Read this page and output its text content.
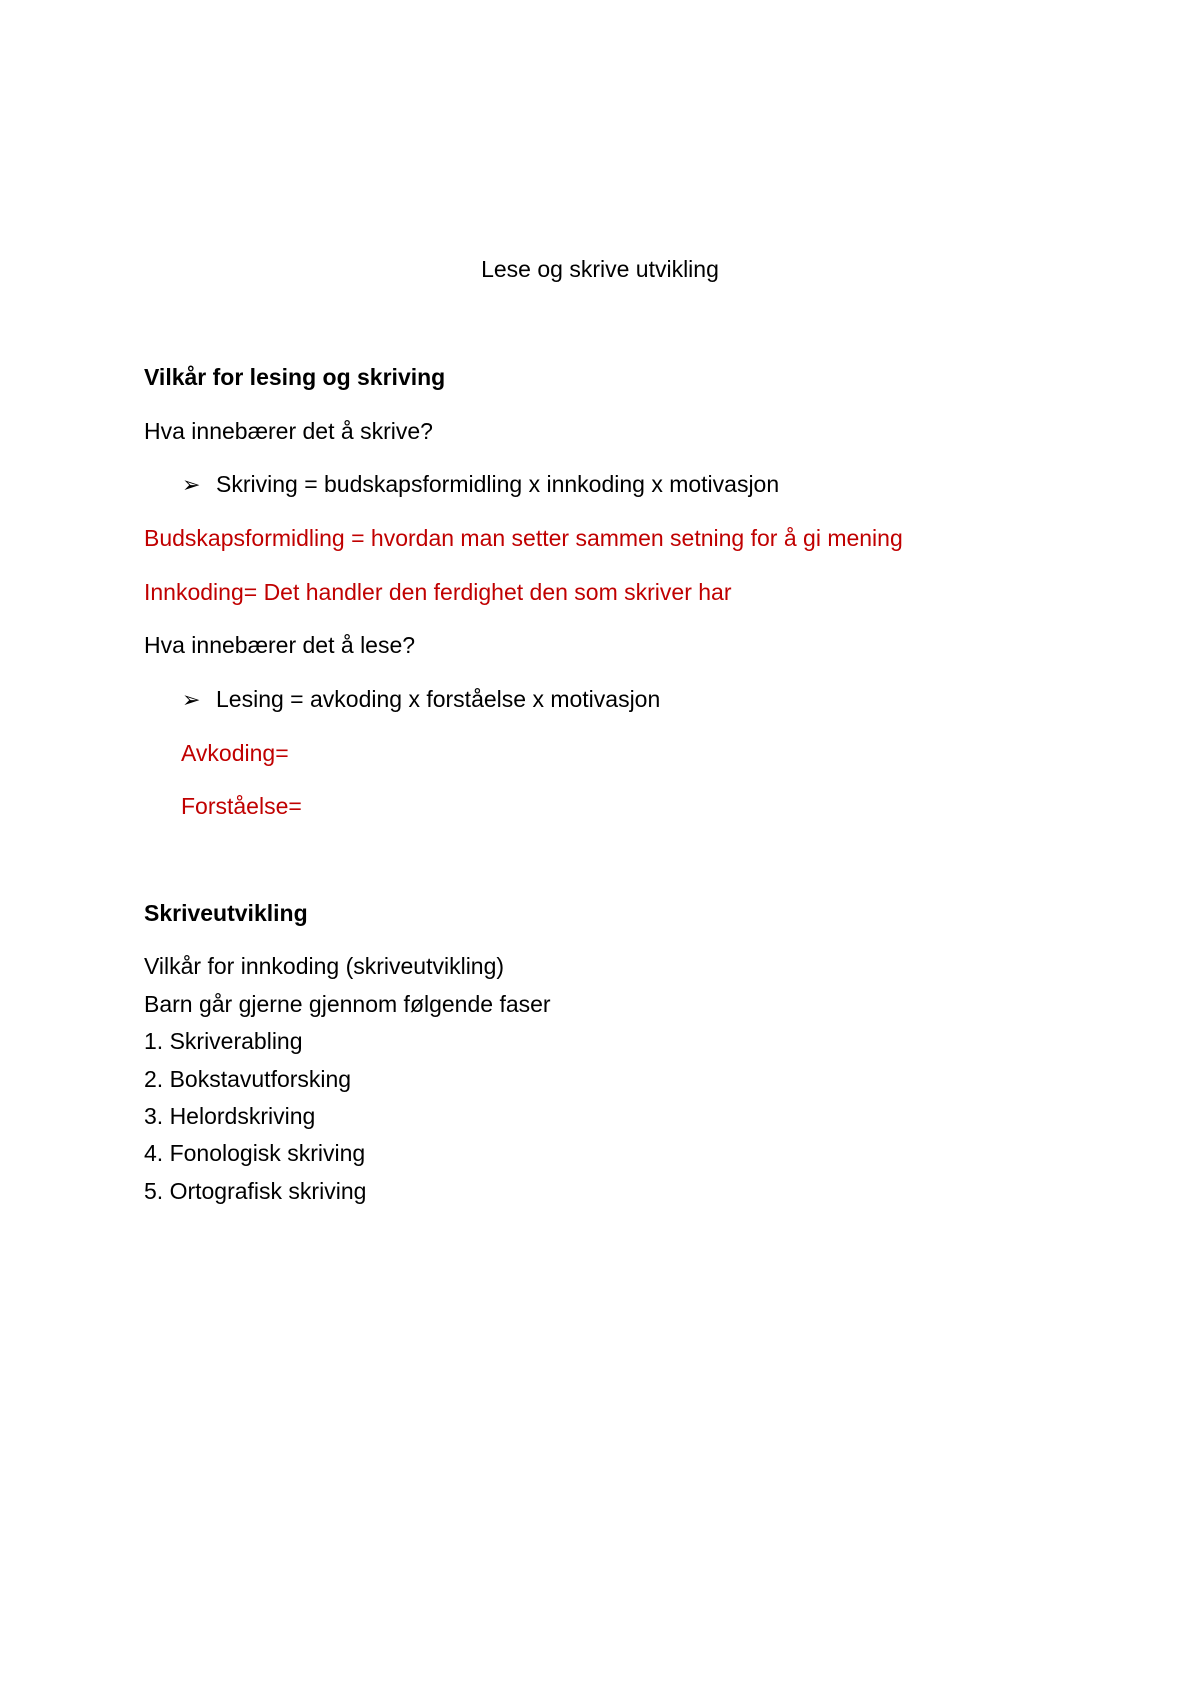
Lese og skrive utvikling
Vilkår for lesing og skriving
Hva innebærer det å skrive?
➢ Skriving = budskapsformidling x innkoding x motivasjon
Budskapsformidling = hvordan man setter sammen setning for å gi mening
Innkoding= Det handler den ferdighet den som skriver har
Hva innebærer det å lese?
➢ Lesing = avkoding x forståelse x motivasjon
Avkoding=
Forståelse=
Skriveutvikling
Vilkår for innkoding (skriveutvikling)
Barn går gjerne gjennom følgende faser
1. Skriverabling
2. Bokstavutforsking
3. Helordskriving
4. Fonologisk skriving
5. Ortografisk skriving
